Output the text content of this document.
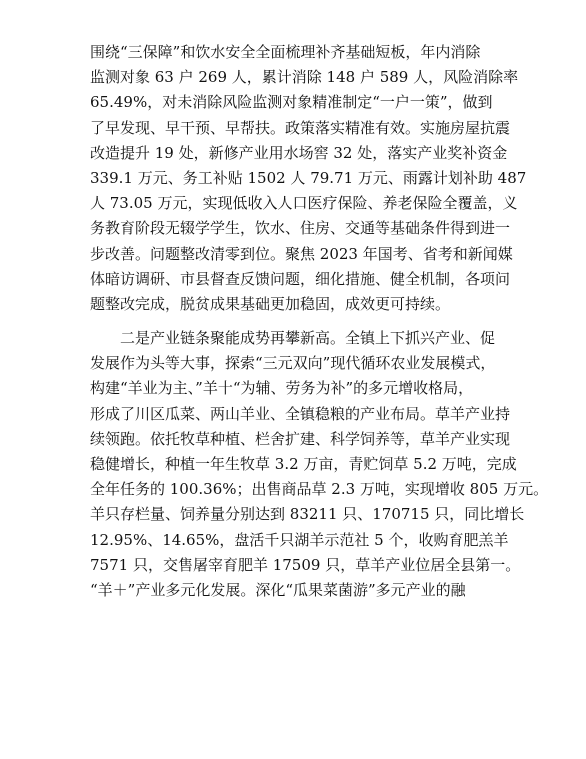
围绕“三保障”和饮水安全全面梳理补齐基础短板，年内消除
监测对象 63 户 269 人，累计消除 148 户 589 人，风险消除率
65.49%，对未消除风险监测对象精准制定“一户一策”，做到
了早发现、早干预、早帮扶。政策落实精准有效。实施房屋抗震
改造提升 19 处，新修产业用水场窖 32 处，落实产业奖补资金
339.1 万元、务工补贴 1502 人 79.71 万元、雨露计划补助 487
人 73.05 万元，实现低收入人口医疗保险、养老保险全覆盖，义
务教育阶段无辍学学生，饮水、住房、交通等基础条件得到进一
步改善。问题整改清零到位。聚焦 2023 年国考、省考和新闻媒
体暗访调研、市县督查反馈问题，细化措施、健全机制，各项问
题整改完成，脱贫成果基础更加稳固，成效更可持续。
二是产业链条聚能成势再攀新高。全镇上下抓兴产业、促
发展作为头等大事，探索“三元双向”现代循环农业发展模式，
构建“羊业为主、”羊十“为辅、劳务为补”的多元增收格局，
形成了川区瓜菜、两山羊业、全镇稳粮的产业布局。草羊产业持
续领跑。依托牧草种植、栏舍扩建、科学饲养等，草羊产业实现
稳健增长，种植一年生牧草 3.2 万亩，青贮饲草 5.2 万吨，完成
全年任务的 100.36%；出售商品草 2.3 万吨，实现增收 805 万元。
羊只存栏量、饲养量分别达到 83211 只、170715 只，同比增长
12.95%、14.65%，盘活千只湖羊示范社 5 个，收购育肥羔羊
7571 只，交售屠宰育肥羊 17509 只，草羊产业位居全县第一。
“羊＋”产业多元化发展。深化“瓜果菜菌游”多元产业的融
